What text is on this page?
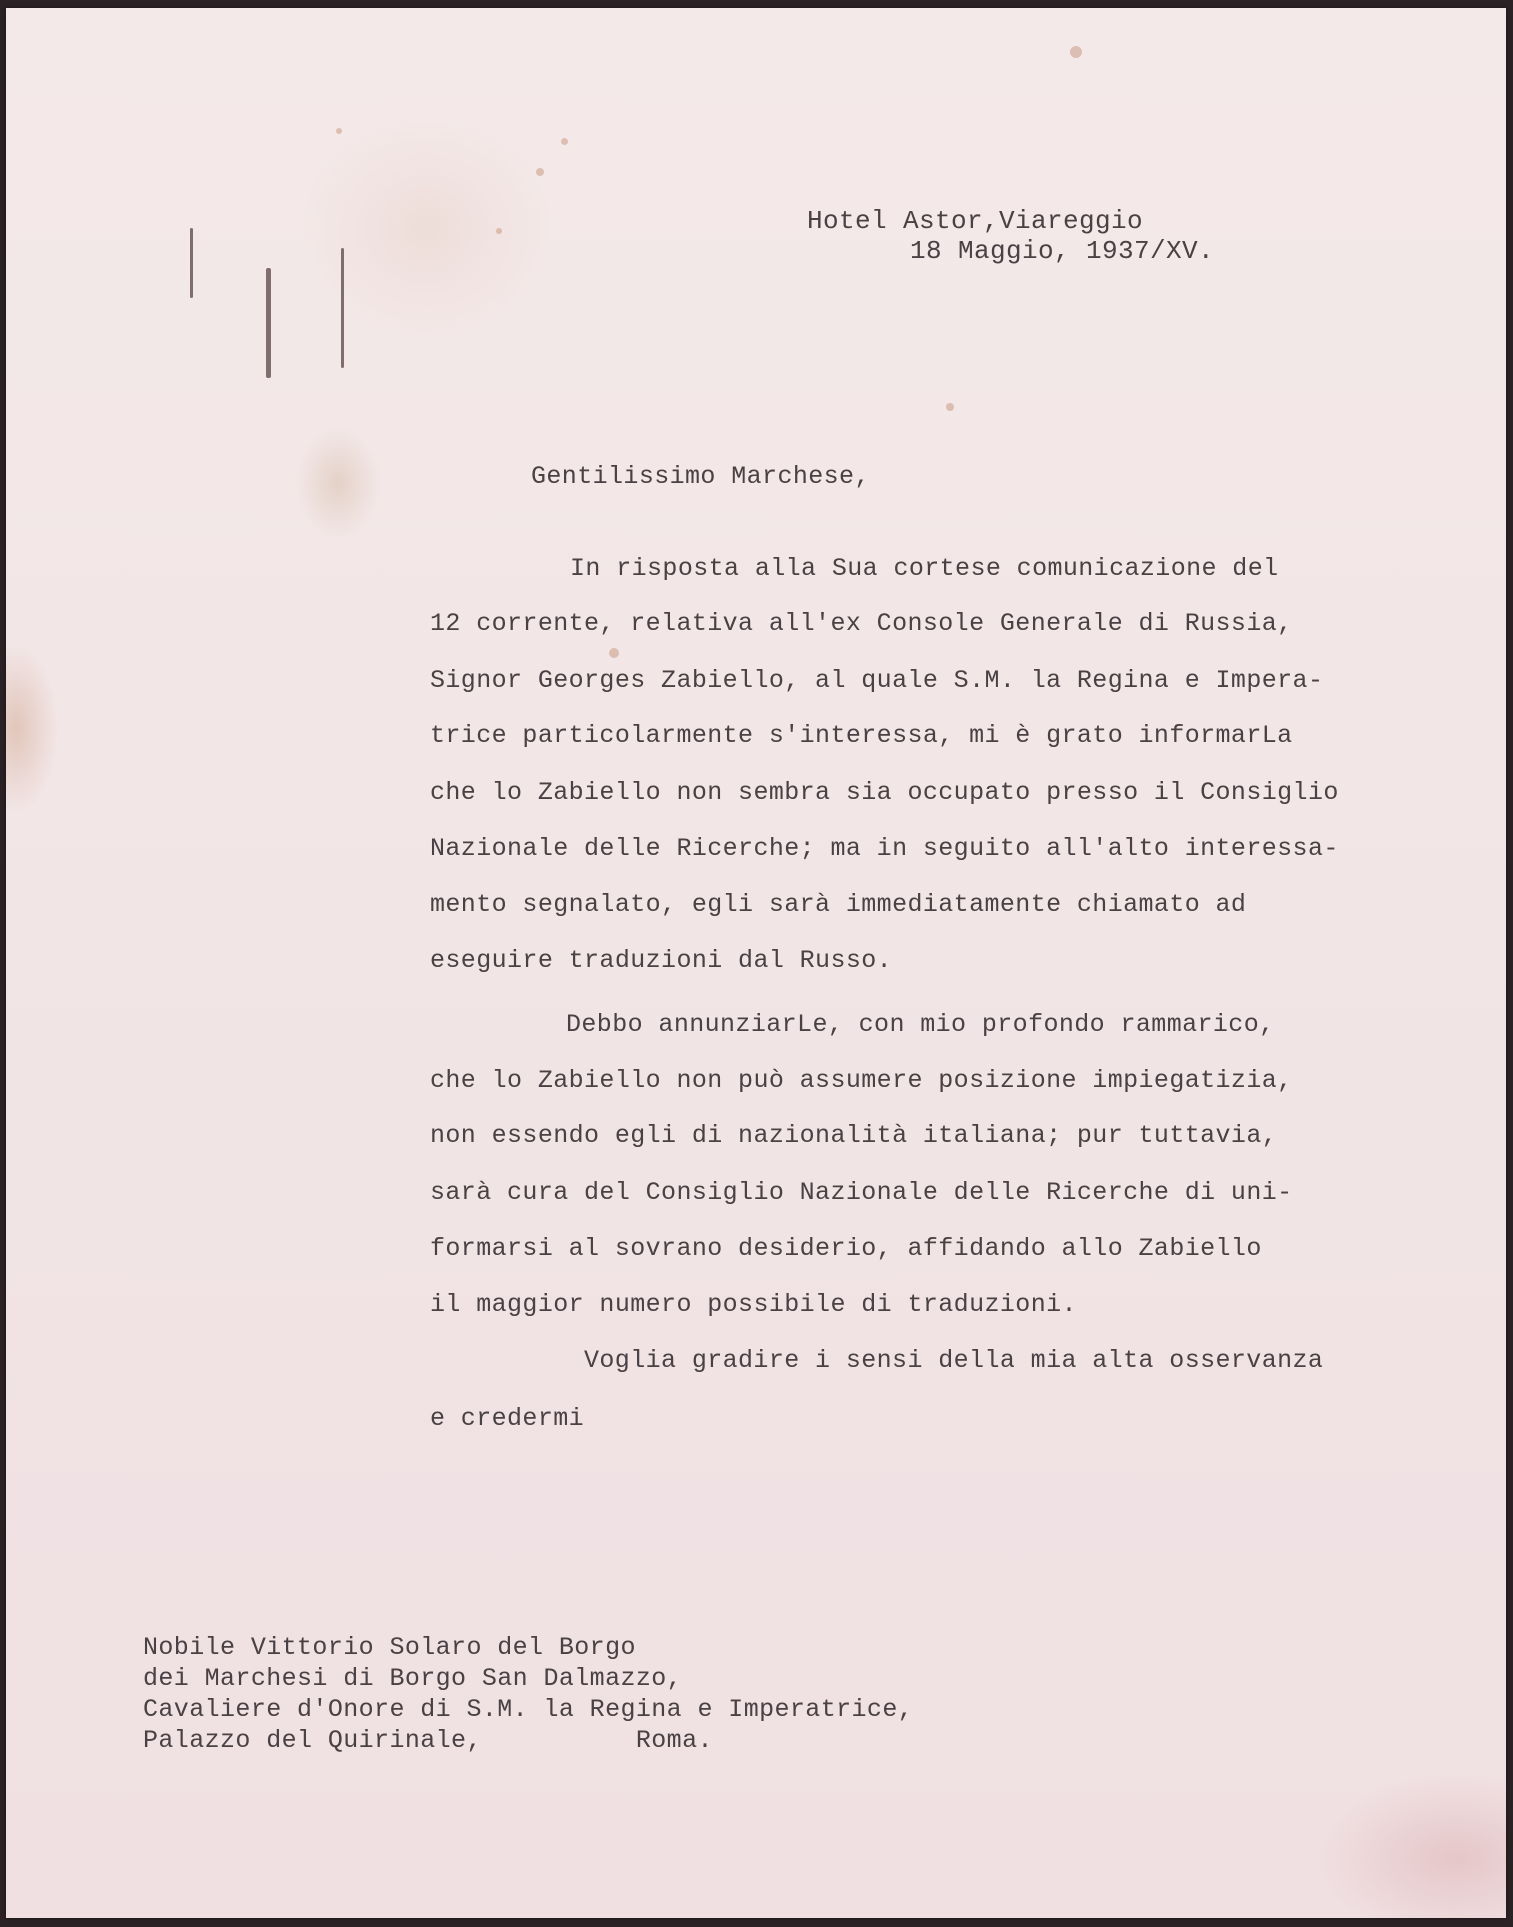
Hotel Astor,Viareggio
18 Maggio, 1937/XV.
Gentilissimo Marchese,
In risposta alla Sua cortese comunicazione del
12 corrente, relativa all'ex Console Generale di Russia,
Signor Georges Zabiello, al quale S.M. la Regina e Impera-
trice particolarmente s'interessa, mi è grato informarLa
che lo Zabiello non sembra sia occupato presso il Consiglio
Nazionale delle Ricerche; ma in seguito all'alto interessa-
mento segnalato, egli sarà immediatamente chiamato ad
eseguire traduzioni dal Russo.
Debbo annunziarLe, con mio profondo rammarico,
che lo Zabiello non può assumere posizione impiegatizia,
non essendo egli di nazionalità italiana; pur tuttavia,
sarà cura del Consiglio Nazionale delle Ricerche di uni-
formarsi al sovrano desiderio, affidando allo Zabiello
il maggior numero possibile di traduzioni.
Voglia gradire i sensi della mia alta osservanza
e credermi
Nobile Vittorio Solaro del Borgo
dei Marchesi di Borgo San Dalmazzo,
Cavaliere d'Onore di S.M. la Regina e Imperatrice,
Palazzo del Quirinale,          Roma.
